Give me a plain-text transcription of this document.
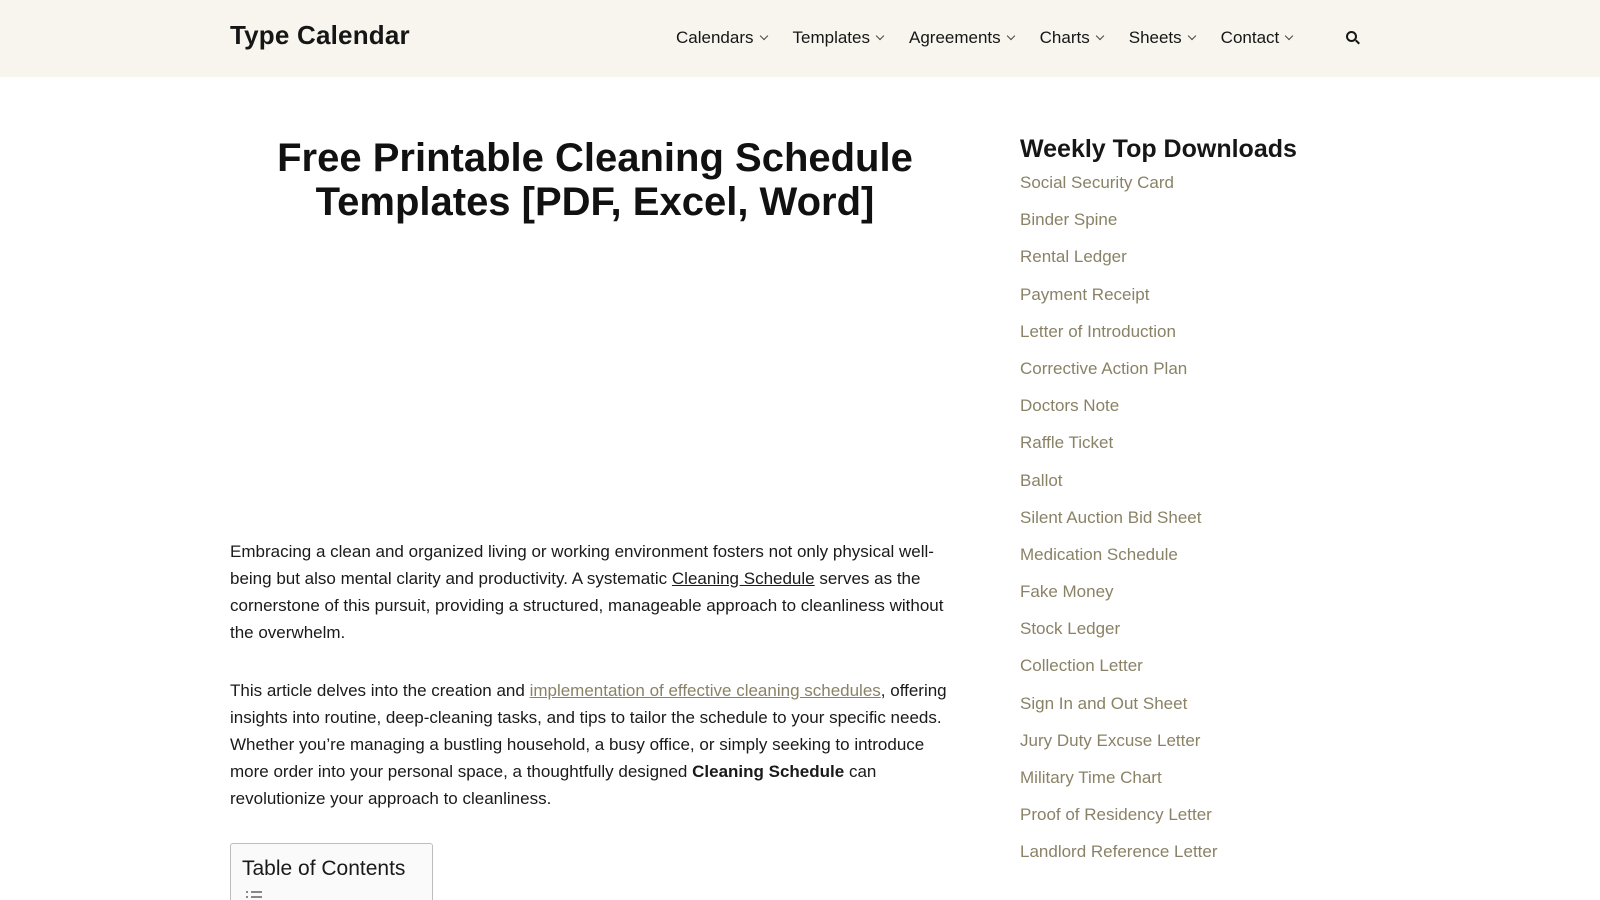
Type Calendar	Calendars Templates Agreements Charts Sheets Contact
Free Printable Cleaning Schedule Templates [PDF, Excel, Word]

Embracing a clean and organized living or working environment fosters not only physical well-being but also mental clarity and productivity. A systematic Cleaning Schedule serves as the cornerstone of this pursuit, providing a structured, manageable approach to cleanliness without the overwhelm.

This article delves into the creation and implementation of effective cleaning schedules, offering insights into routine, deep-cleaning tasks, and tips to tailor the schedule to your specific needs. Whether you’re managing a bustling household, a busy office, or simply seeking to introduce more order into your personal space, a thoughtfully designed Cleaning Schedule can revolutionize your approach to cleanliness.

Table of Contents
Weekly Top Downloads
Social Security Card
Binder Spine
Rental Ledger
Payment Receipt
Letter of Introduction
Corrective Action Plan
Doctors Note
Raffle Ticket
Ballot
Silent Auction Bid Sheet
Medication Schedule
Fake Money
Stock Ledger
Collection Letter
Sign In and Out Sheet
Jury Duty Excuse Letter
Military Time Chart
Proof of Residency Letter
Landlord Reference Letter
